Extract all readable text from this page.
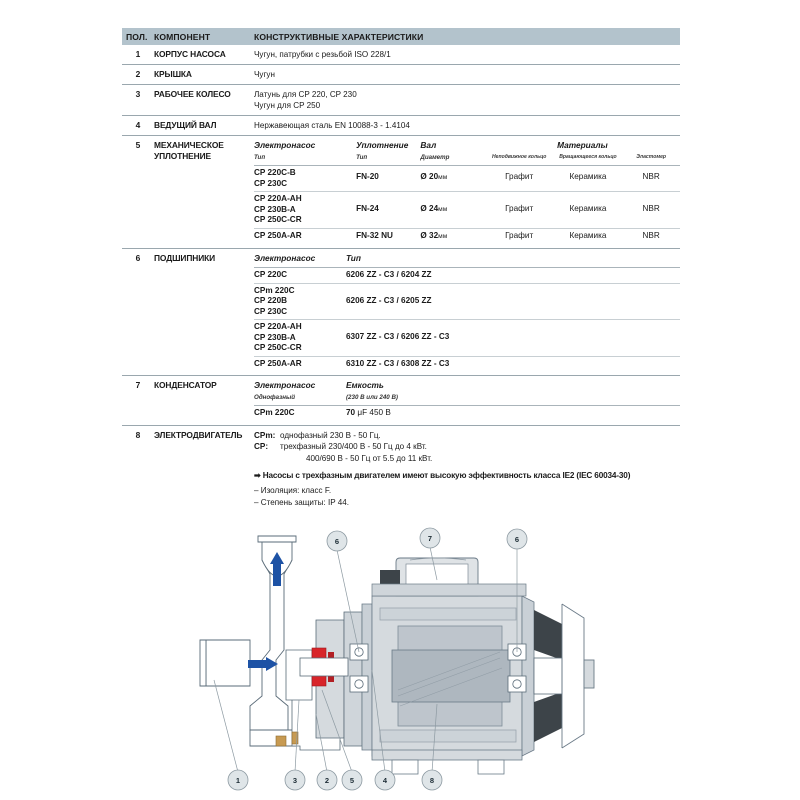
ПОЛ. КОМПОНЕНТ	КОНСТРУКТИВНЫЕ ХАРАКТЕРИСТИКИ
1	КОРПУС НАСОСА	Чугун, патрубки с резьбой ISO 228/1
2	КРЫШКА	Чугун
3	РАБОЧЕЕ КОЛЕСО	Латунь для CP 220, CP 230
Чугун для CP 250
4	ВЕДУЩИЙ ВАЛ	Нержавеющая сталь EN 10088-3 - 1.4104
5	МЕХАНИЧЕСКОЕ УПЛОТНЕНИЕ
Электронасос	Уплотнение	Вал	Материалы		
Тип	Тип	Диаметр	Неподвижное кольцо	Вращающееся кольцо	Эластомер

CP 220C-B
CP 230C	FN-20	Ø 20мм	Графит	Керамика	NBR

CP 220A-AH
CP 230B-A
CP 250C-CR	FN-24	Ø 24мм	Графит	Керамика	NBR

CP 250A-AR	FN-32 NU	Ø 32мм	Графит	Керамика	NBR
6	ПОДШИПНИКИ	Электронасос	Тип

CP 220C	6206 ZZ - C3 / 6204 ZZ

CPm 220C
CP 220B
CP 230C	6206 ZZ - C3 / 6205 ZZ

CP 220A-AH
CP 230B-A
CP 250C-CR	6307 ZZ - C3 / 6206 ZZ - C3

CP 250A-AR	6310 ZZ - C3 / 6308 ZZ - C3
7	КОНДЕНСАТОР	Электронасос	Емкость
Однофазный	(230 В или 240 В)
CPm 220C	70 μF 450 В
8	ЭЛЕКТРОДВИГАТЕЛЬ	CPm: однофазный 230 В - 50 Гц.
CP:	трехфазный 230/400 В - 50 Гц до 4 кВт.
400/690 В - 50 Гц от 5.5 до 11 кВт.
➡ Насосы с трехфазным двигателем имеют высокую эффективность класса IE2 (IEC 60034-30)
– Изоляция: класс F.
– Степень защиты: IP 44.
6	7	6
1	3	2	5	4	8
